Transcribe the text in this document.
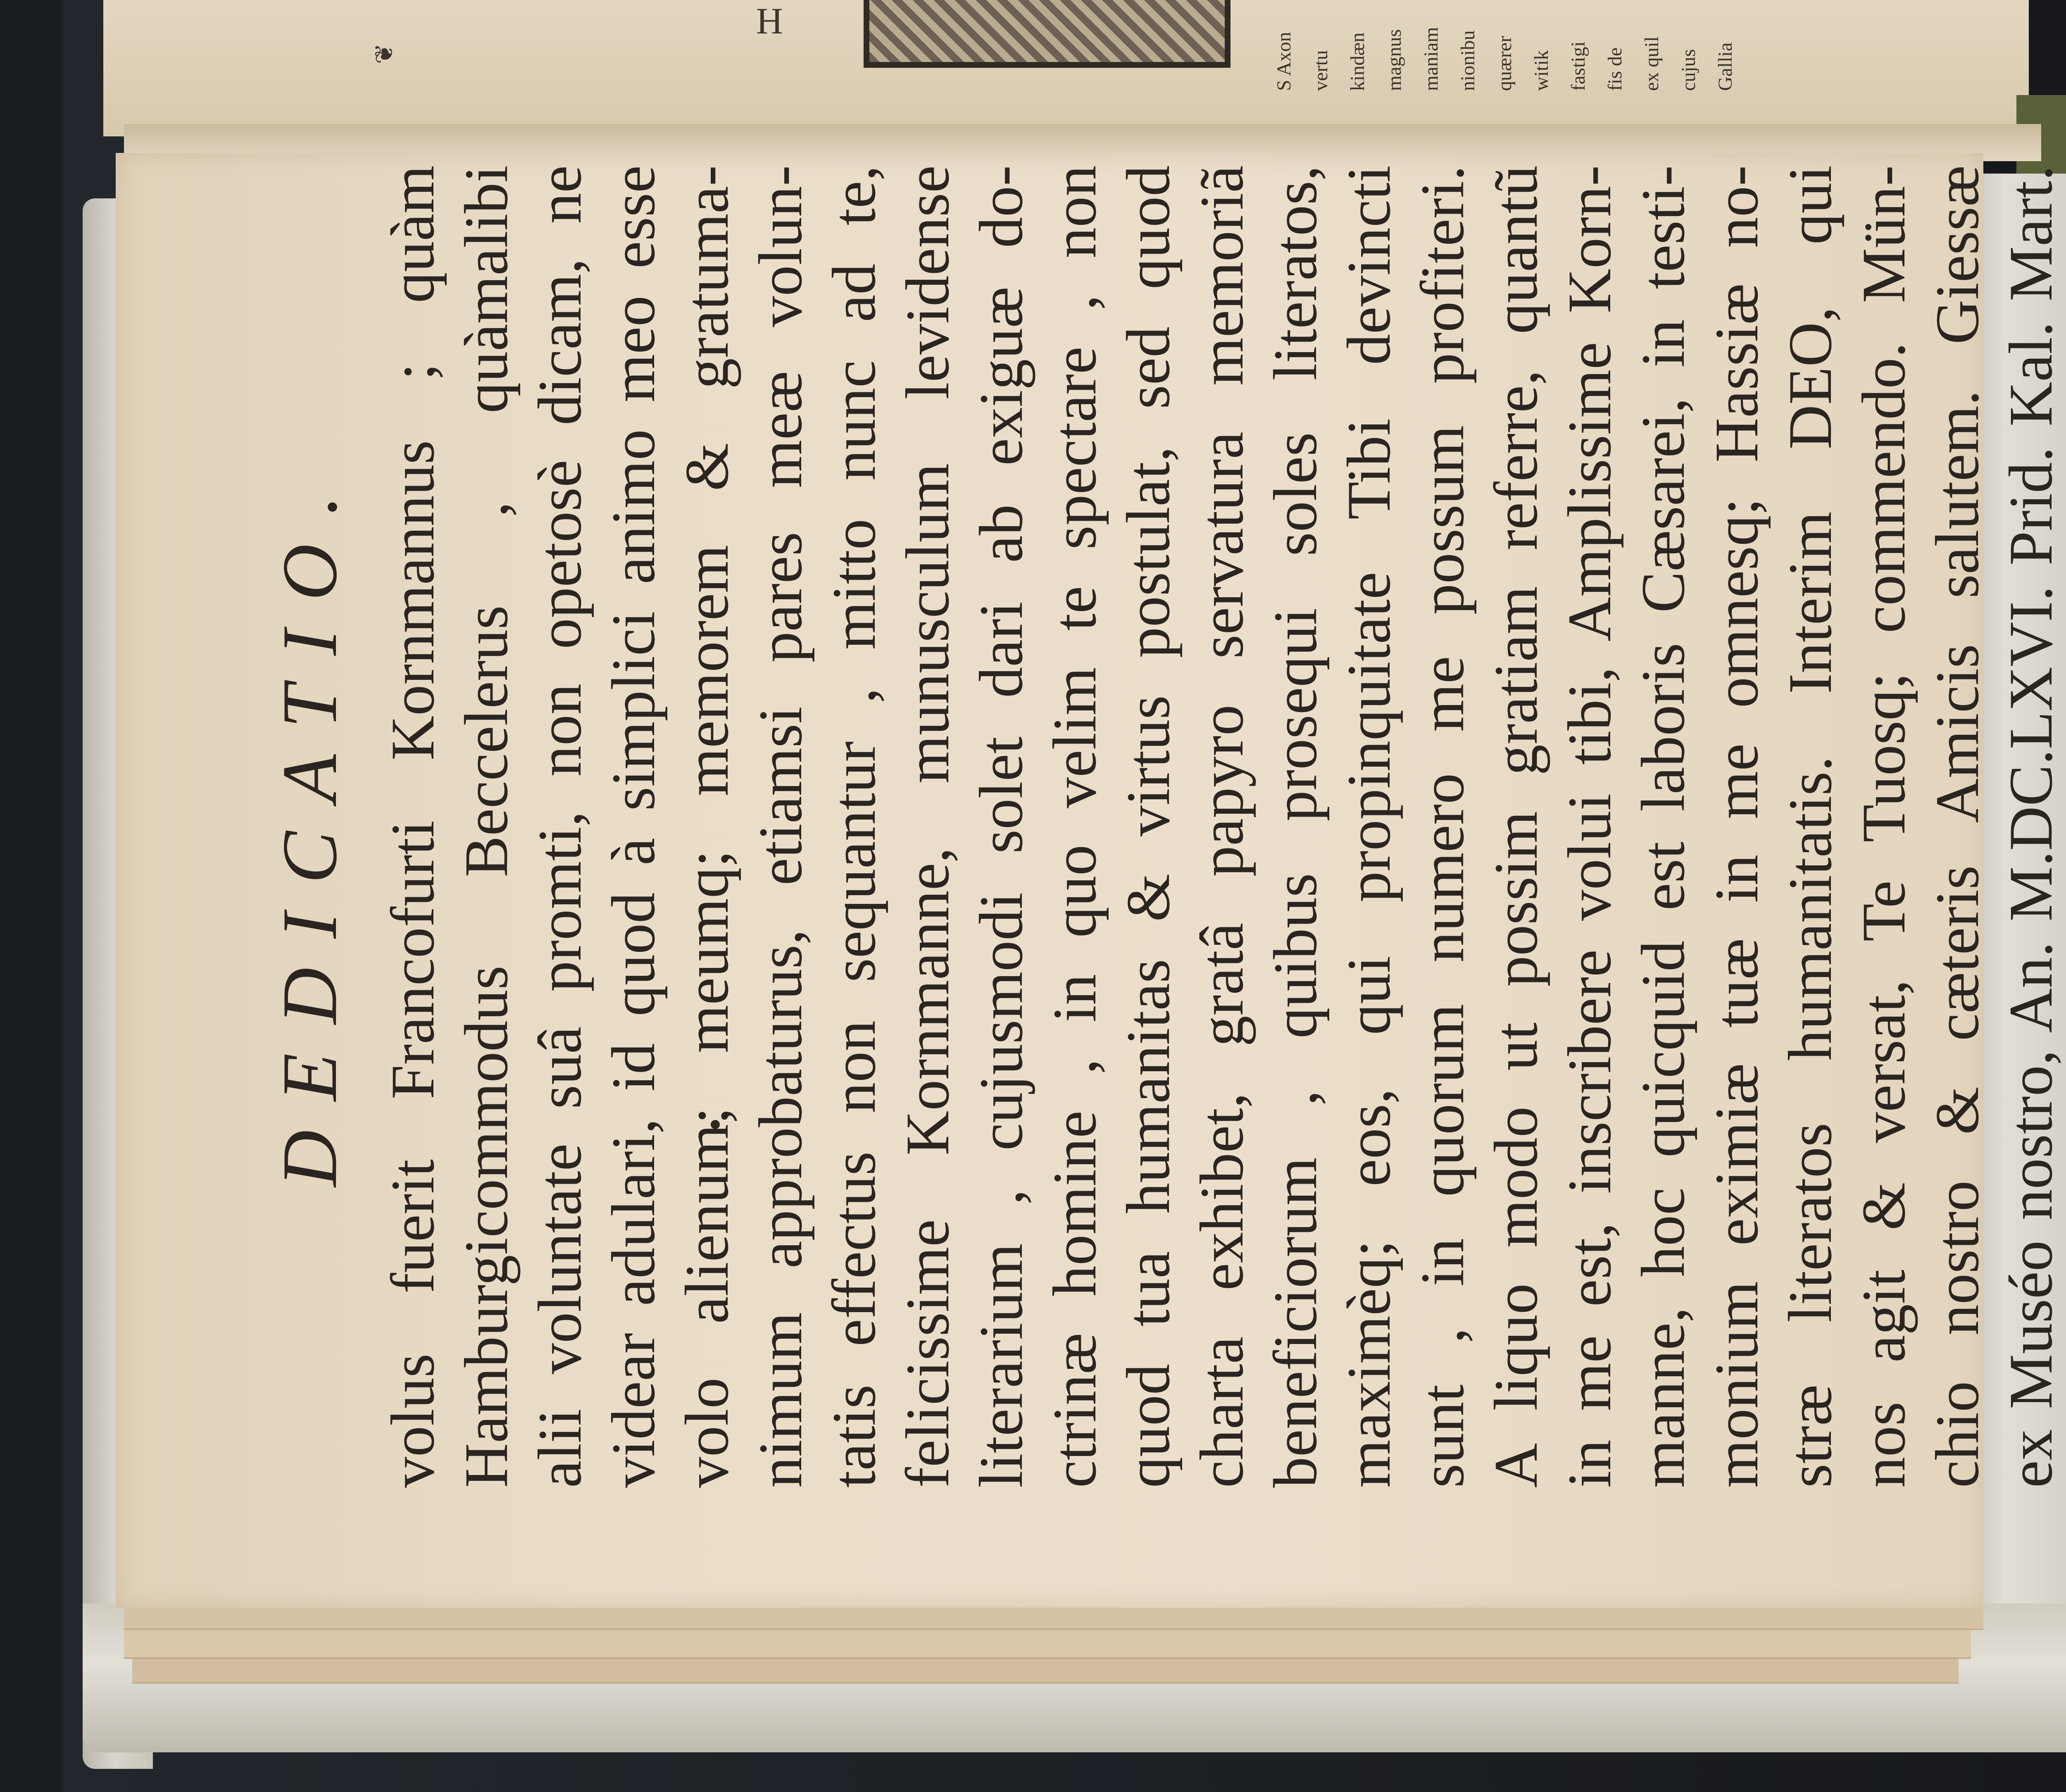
❦
H
S Axon vertu kindæn magnus maniam nionibu quærer witik fastigi fis de ex quil cujus Gallia
DEDICATIO. volus fuerit Francofurti Kornmannus ; quàm Hamburgicommodus Beccelerus , quàmalibi alii voluntate suâ promti, non opetosè dicam, ne videar adulari, id quod à simplici animo meo esse volo alienum; meumq; memorem & gratuma- nimum approbaturus, etiamsi pares meæ volun- tatis effectus non sequantur , mitto nunc ad te, felicissime Kornmanne, munusculum levidense literarium , cujusmodi solet dari ab exiguæ do- ctrinæ homine , in quo velim te spectare , non quod tua humanitas & virtus postulat, sed quod charta exhibet, gratâ papyro servatura memoriã beneficiorum , quibus prosequi soles literatos, maximèq; eos, qui propinquitate Tibi devincti sunt , in quorum numero me possum profiteri. A liquo modo ut possim gratiam referre, quantũ in me est, inscribere volui tibi, Amplissime Korn- manne, hoc quicquid est laboris Cæsarei, in testi- monium eximiæ tuæ in me omnesq; Hassiæ no- stræ literatos humanitatis. Interim DEO, qui nos agit & versat, Te Tuosq; commendo. Mün- chio nostro & cæteris Amicis salutem. Giessæ ex Muséo nostro, An. M.DC.LXVI. Prid. Kal. Mart.
